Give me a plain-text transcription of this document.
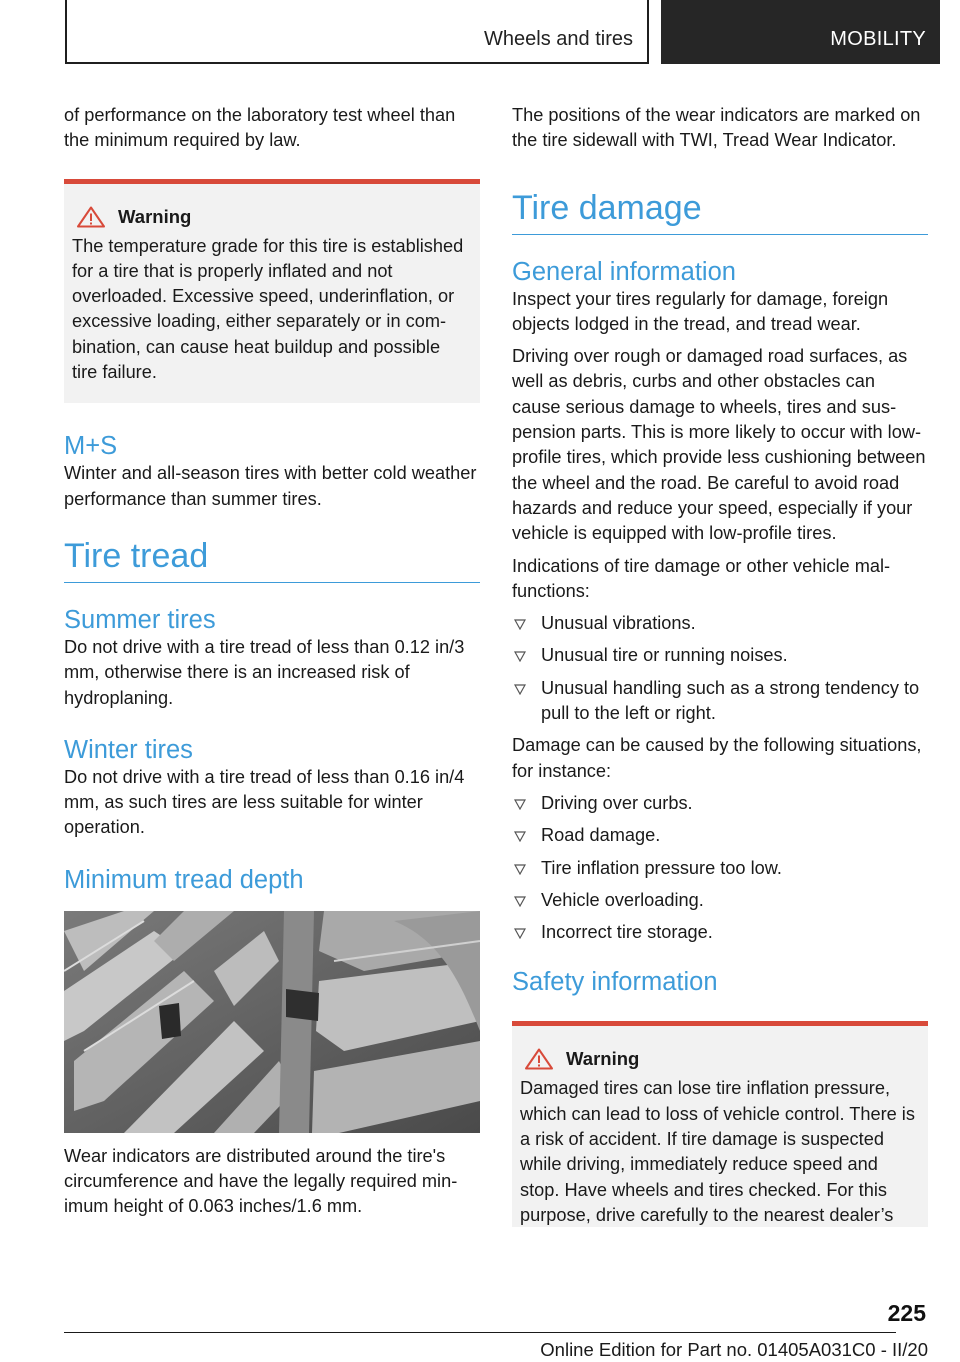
Wheels and tires	MOBILITY

of performance on the laboratory test wheel than the minimum required by law.

Warning

The temperature grade for this tire is established for a tire that is properly inflated and not overloaded. Excessive speed, underinflation, or excessive loading, either separately or in combination, can cause heat buildup and possible tire failure.

M+S

Winter and all-season tires with better cold weather performance than summer tires.

Tire tread
Summer tires

Do not drive with a tire tread of less than 0.12 in/3 mm, otherwise there is an increased risk of hydroplaning.

Winter tires

Do not drive with a tire tread of less than 0.16 in/4 mm, as such tires are less suitable for winter operation.

Minimum tread depth

Wear indicators are distributed around the tire's circumference and have the legally required minimum height of 0.063 inches/1.6 mm.

The positions of the wear indicators are marked on the tire sidewall with TWI, Tread Wear Indicator.

Tire damage
General information

Inspect your tires regularly for damage, foreign objects lodged in the tread, and tread wear.

Driving over rough or damaged road surfaces, as well as debris, curbs and other obstacles can cause serious damage to wheels, tires and suspension parts. This is more likely to occur with low-profile tires, which provide less cushioning between the wheel and the road. Be careful to avoid road hazards and reduce your speed, especially if your vehicle is equipped with low-profile tires.

Indications of tire damage or other vehicle malfunctions:

Unusual vibrations.
Unusual tire or running noises.
Unusual handling such as a strong tendency to pull to the left or right.

Damage can be caused by the following situations, for instance:

Driving over curbs.
Road damage.
Tire inflation pressure too low.
Vehicle overloading.
Incorrect tire storage.
Safety information
Warning

Damaged tires can lose tire inflation pressure, which can lead to loss of vehicle control. There is a risk of accident. If tire damage is suspected while driving, immediately reduce speed and stop. Have wheels and tires checked. For this purpose, drive carefully to the nearest dealer’s

225
Online Edition for Part no. 01405A031C0 - II/20
